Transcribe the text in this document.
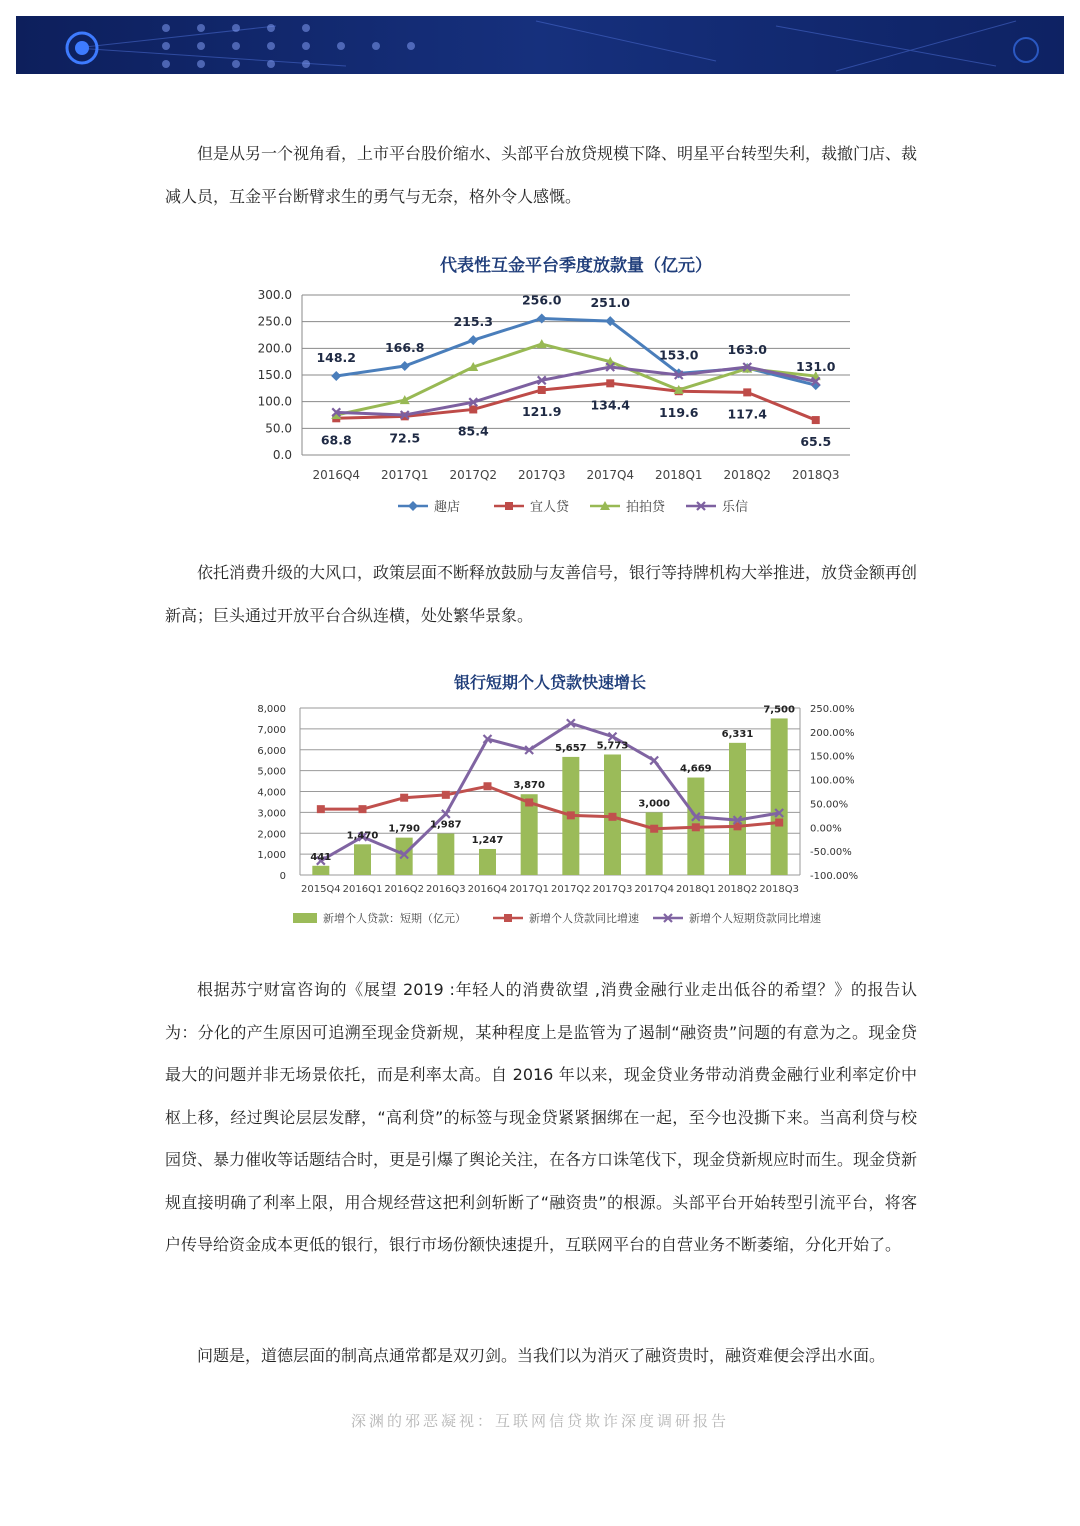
但是从另一个视角看，上市平台股价缩水、头部平台放贷规模下降、明星平台转型失利，裁撤门店、裁减人员，互金平台断臂求生的勇气与无奈，格外令人感慨。

代表性互金平台季度放款量（亿元）
0.0
50.0
100.0
150.0
200.0
250.0
300.0
2016Q4 2017Q1 2017Q2 2017Q3 2017Q4 2018Q1 2018Q2 2018Q3
148.2
166.8
215.3
256.0 251.0
153.0 163.0
131.0
68.8	72.5	85.4
121.9 134.4
119.6 117.4
65.5
趣店	宜人贷	拍拍贷	乐信

依托消费升级的大风口，政策层面不断释放鼓励与友善信号，银行等持牌机构大举推进，放贷金额再创新高；巨头通过开放平台合纵连横，处处繁华景象。

银行短期个人贷款快速增长
0
1,000
2,000
3,000
4,000
5,000
6,000
7,000
8,000
-100.00%
-50.00%
0.00%
50.00%
100.00%
150.00%
200.00%
250.00%
2015Q4 2016Q1 2016Q2 2016Q3 2016Q4 2017Q1 2017Q2 2017Q3 2017Q4 2018Q1 2018Q2 2018Q3
441
1,470
1,790 1,987
1,247
3,870
5,657 5,773
3,000
4,669
6,331
7,500
新增个人贷款：短期（亿元）	新增个人贷款同比增速	新增个人短期贷款同比增速

根据苏宁财富咨询的《展望 2019 :年轻人的消费欲望 ,消费金融行业走出低谷的希望？》的报告认为：分化的产生原因可追溯至现金贷新规，某种程度上是监管为了遏制“融资贵”问题的有意为之。现金贷最大的问题并非无场景依托，而是利率太高。自 2016 年以来，现金贷业务带动消费金融行业利率定价中枢上移，经过舆论层层发酵，“高利贷”的标签与现金贷紧紧捆绑在一起，至今也没撕下来。当高利贷与校园贷、暴力催收等话题结合时，更是引爆了舆论关注，在各方口诛笔伐下，现金贷新规应时而生。现金贷新规直接明确了利率上限，用合规经营这把利剑斩断了“融资贵”的根源。头部平台开始转型引流平台，将客户传导给资金成本更低的银行，银行市场份额快速提升，互联网平台的自营业务不断萎缩，分化开始了。

问题是，道德层面的制高点通常都是双刃剑。当我们以为消灭了融资贵时，融资难便会浮出水面。

深渊的邪恶凝视：互联网信贷欺诈深度调研报告
